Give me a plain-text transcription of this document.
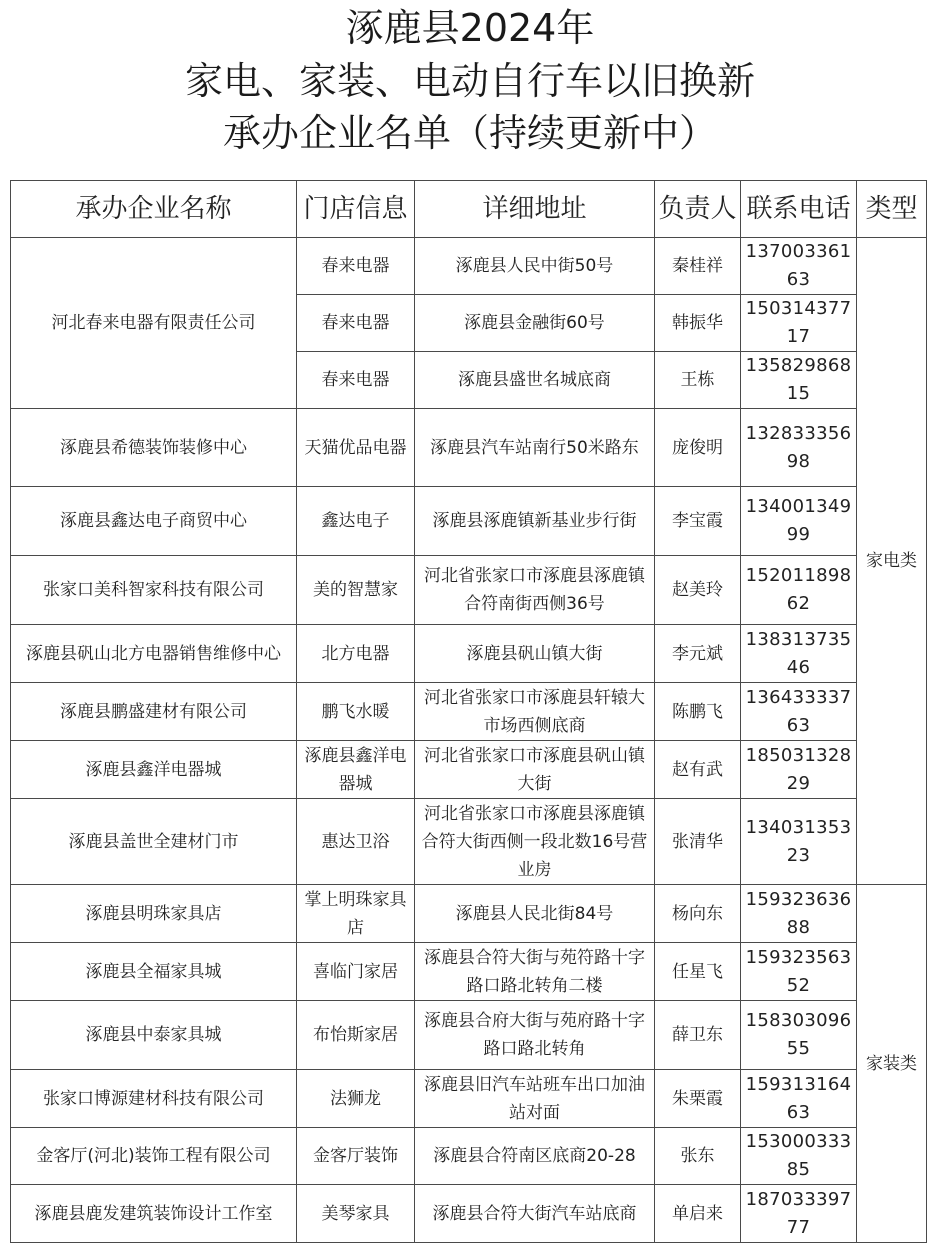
涿鹿县2024年
家电、家装、电动自行车以旧换新
承办企业名单（持续更新中）
承办企业名称	门店信息	详细地址	负责人	联系电话	类型
河北春来电器有限责任公司	春来电器	涿鹿县人民中街50号	秦桂祥	13700336163	家电类
	春来电器	涿鹿县金融街60号	韩振华	15031437717	
	春来电器	涿鹿县盛世名城底商	王栋	13582986815	
涿鹿县希德装饰装修中心	天猫优品电器	涿鹿县汽车站南行50米路东	庞俊明	13283335698	
涿鹿县鑫达电子商贸中心	鑫达电子	涿鹿县涿鹿镇新基业步行街	李宝霞	13400134999	
张家口美科智家科技有限公司	美的智慧家	河北省张家口市涿鹿县涿鹿镇合符南街西侧36号	赵美玲	15201189862	
涿鹿县矾山北方电器销售维修中心	北方电器	涿鹿县矾山镇大街	李元斌	13831373546	
涿鹿县鹏盛建材有限公司	鹏飞水暖	河北省张家口市涿鹿县轩辕大市场西侧底商	陈鹏飞	13643333763	
涿鹿县鑫洋电器城	涿鹿县鑫洋电器城	河北省张家口市涿鹿县矾山镇大街	赵有武	18503132829	
涿鹿县盖世全建材门市	惠达卫浴	河北省张家口市涿鹿县涿鹿镇合符大街西侧一段北数16号营业房	张清华	13403135323	
涿鹿县明珠家具店	掌上明珠家具店	涿鹿县人民北街84号	杨向东	15932363688	家装类
涿鹿县全福家具城	喜临门家居	涿鹿县合符大街与苑符路十字路口路北转角二楼	任星飞	15932356352	
涿鹿县中泰家具城	布怡斯家居	涿鹿县合府大街与苑府路十字路口路北转角	薛卫东	15830309655	
张家口博源建材科技有限公司	法狮龙	涿鹿县旧汽车站班车出口加油站对面	朱栗霞	15931316463	
金客厅(河北)装饰工程有限公司	金客厅装饰	涿鹿县合符南区底商20-28	张东	15300033385	
涿鹿县鹿发建筑装饰设计工作室	美琴家具	涿鹿县合符大街汽车站底商	单启来	18703339777	
